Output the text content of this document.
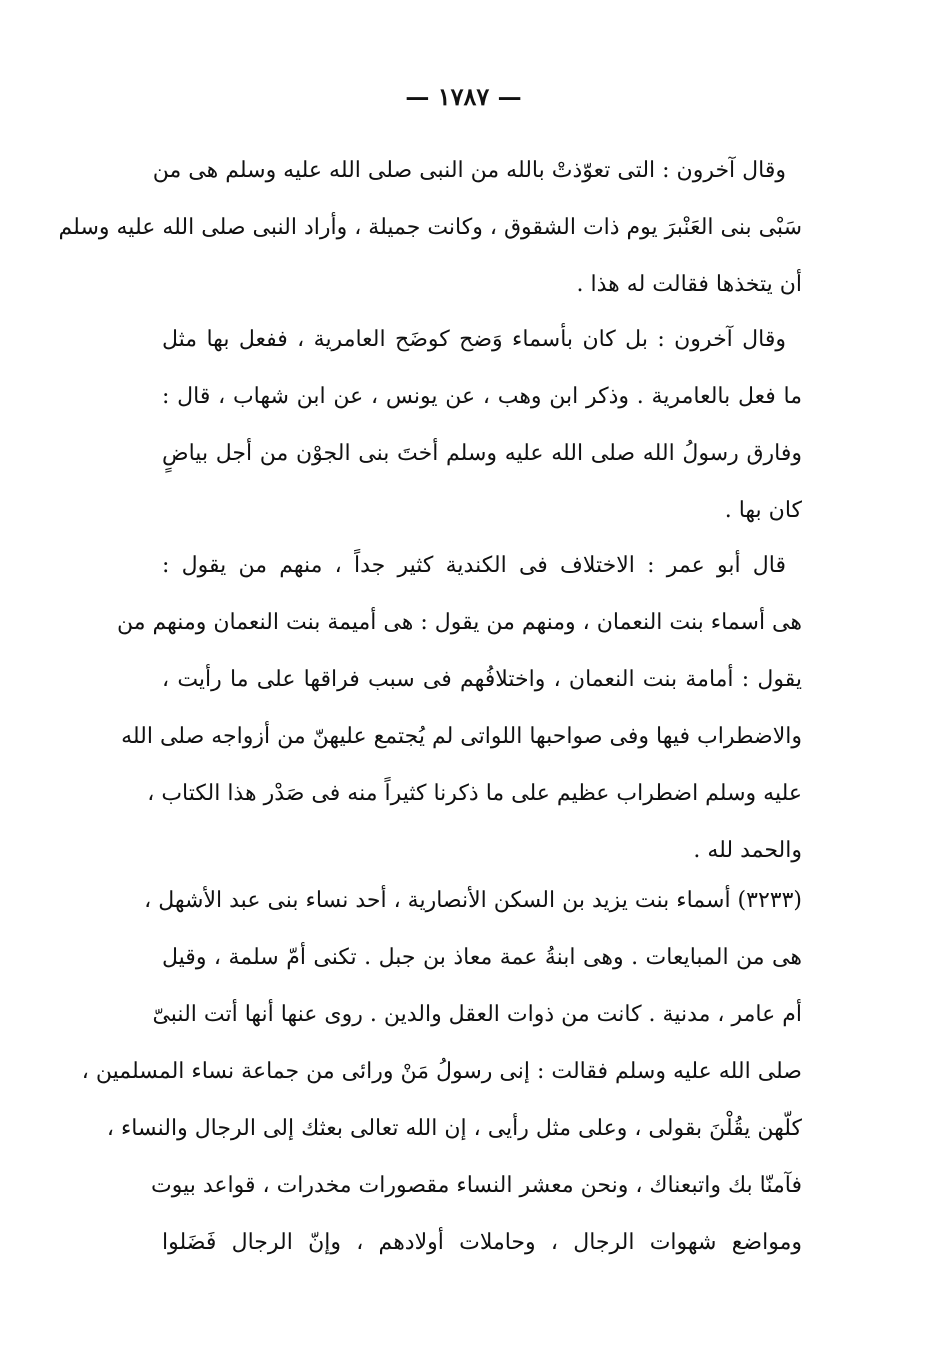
— ١٧٨٧ —
وقال آخرون : التى تعوّذتْ بالله من النبى صلى الله عليه وسلم هى من
سَبْى بنى العَنْبرَ يوم ذات الشقوق ، وكانت جميلة ، وأراد النبى صلى الله عليه وسلم
أن يتخذها فقالت له هذا .
وقال آخرون : بل كان بأسماء وَضح كوضَح العامرية ، ففعل بها مثل
ما فعل بالعامرية . وذكر ابن وهب ، عن يونس ، عن ابن شهاب ، قال :
وفارق رسولُ الله صلى الله عليه وسلم أختَ بنى الجوْن من أجل بياضٍ
كان بها .
قال أبو عمر : الاختلاف فى الكندية كثير جداً ، منهم من يقول :
هى أسماء بنت النعمان ، ومنهم من يقول : هى أميمة بنت النعمان ومنهم من
يقول : أمامة بنت النعمان ، واختلافُهم فى سبب فراقها على ما رأيت ،
والاضطراب فيها وفى صواحبها اللواتى لم يُجتمع عليهنّ من أزواجه صلى الله
عليه وسلم اضطراب عظيم على ما ذكرنا كثيراً منه فى صَدْر هذا الكتاب ،
والحمد لله .
(٣٢٣٣) أسماء بنت يزيد بن السكن الأنصارية ، أحد نساء بنى عبد الأشهل ،
هى من المبايعات . وهى ابنةُ عمة معاذ بن جبل . تكنى أمّ سلمة ، وقيل
أم عامر ، مدنية . كانت من ذوات العقل والدين . روى عنها أنها أتت النبىّ
صلى الله عليه وسلم فقالت : إنى رسولُ مَنْ ورائى من جماعة نساء المسلمين ،
كلّهن يقُلْنَ بقولى ، وعلى مثل رأيى ، إن الله تعالى بعثك إلى الرجال والنساء ،
فآمنّا بك واتبعناك ، ونحن معشر النساء مقصورات مخدرات ، قواعد بيوت
ومواضع شهوات الرجال ، وحاملات أولادهم ، وإنّ الرجال فَضَلوا
